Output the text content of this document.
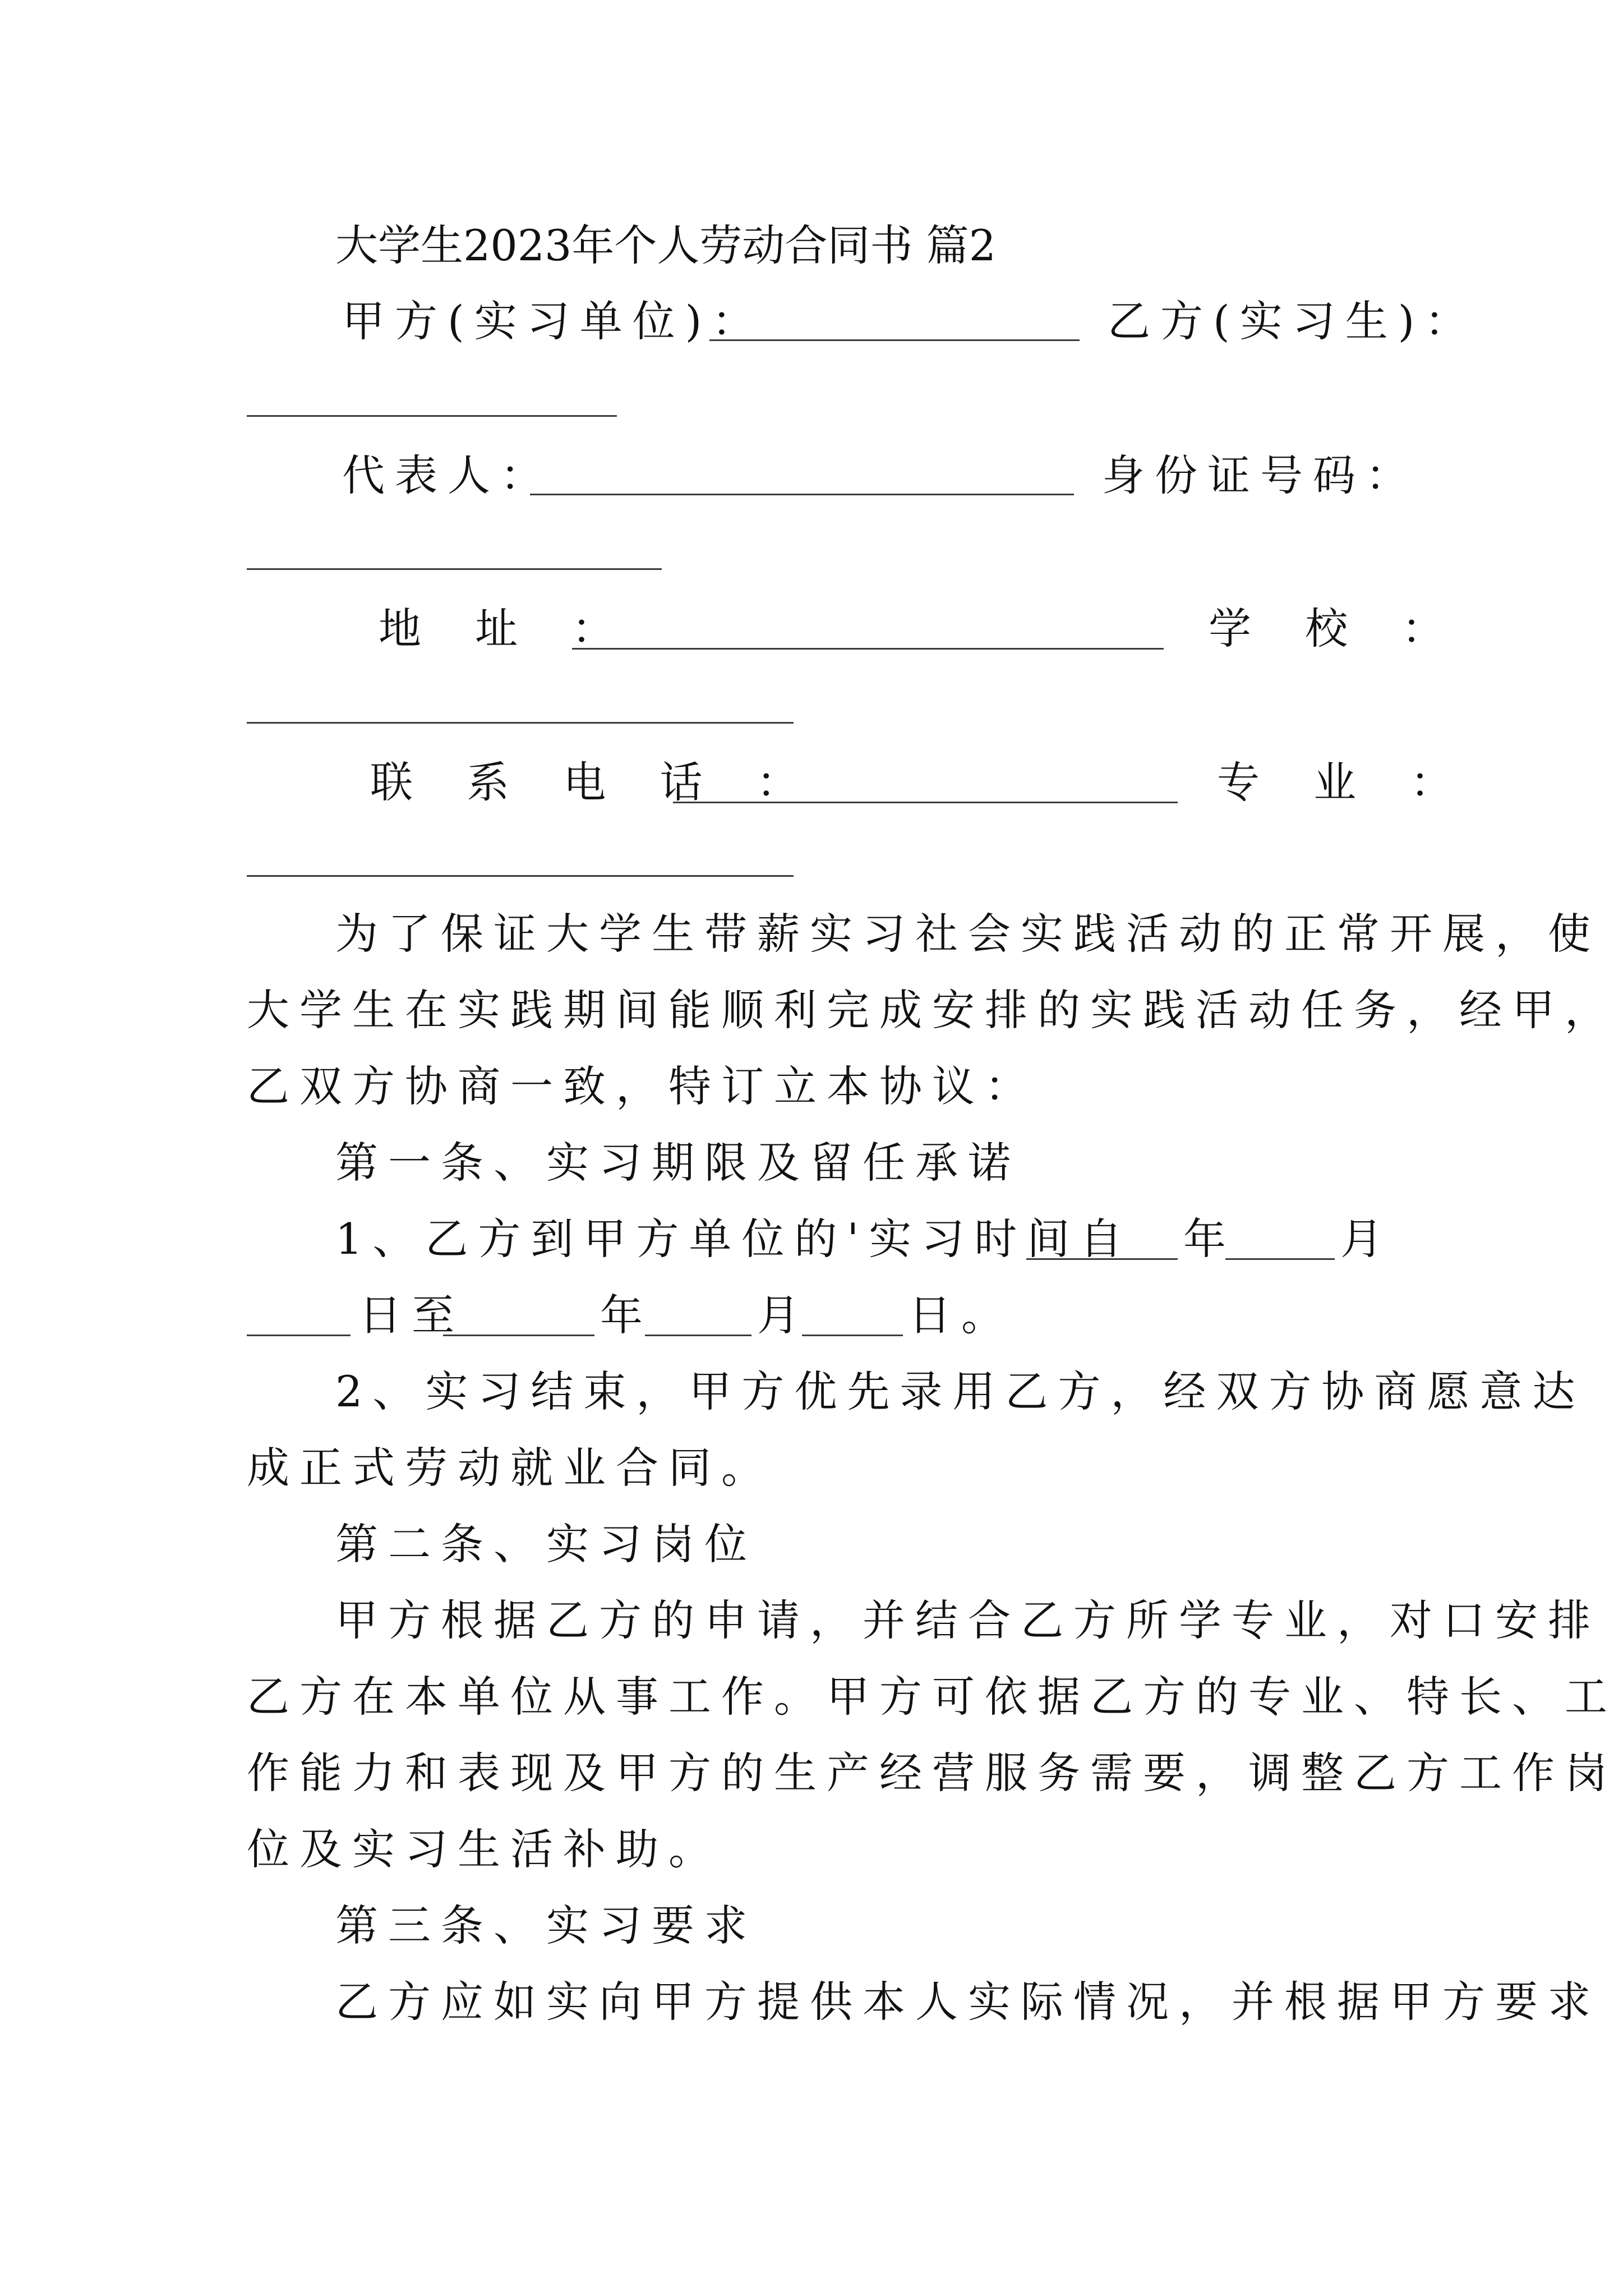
大学生2023年个人劳动合同书 篇2
甲方(实习单位)：	乙方(实习生)：
代表人：	身份证号码：
地 址 ：	学 校 ：
联 系 电 话 ：	专 业 ：
为了保证大学生带薪实习社会实践活动的正常开展，使
大学生在实践期间能顺利完成安排的实践活动任务，经甲，
乙双方协商一致，特订立本协议：
第一条、实习期限及留任承诺
1、乙方到甲方单位的'实习时间自 年 月
日至	年 月 日。
2、实习结束，甲方优先录用乙方，经双方协商愿意达
成正式劳动就业合同。
第二条、实习岗位
甲方根据乙方的申请，并结合乙方所学专业，对口安排
乙方在本单位从事工作。甲方可依据乙方的专业、特长、工
作能力和表现及甲方的生产经营服务需要，调整乙方工作岗
位及实习生活补助。
第三条、实习要求
乙方应如实向甲方提供本人实际情况，并根据甲方要求
